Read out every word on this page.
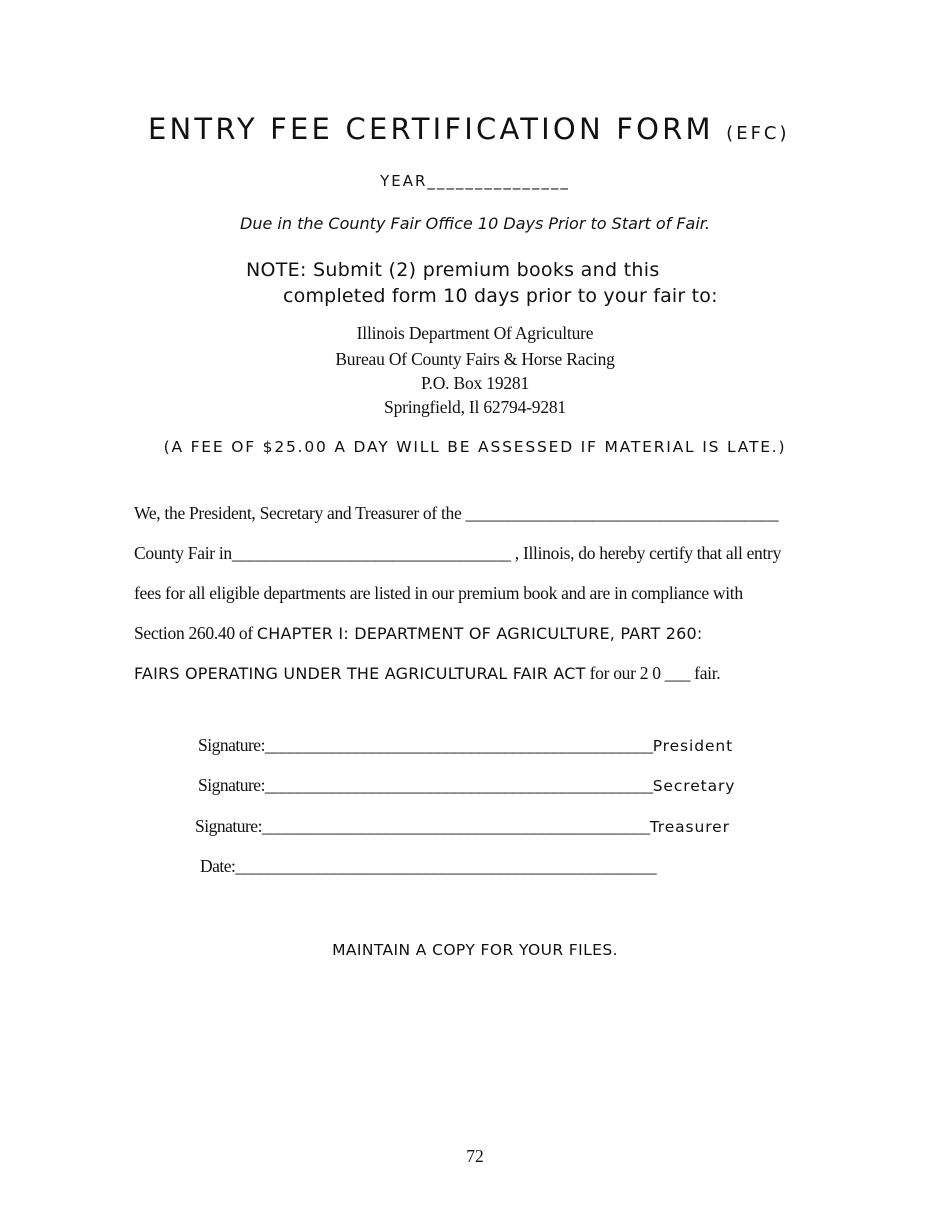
ENTRY FEE CERTIFICATION FORM (EFC)
YEAR_______________
Due in the County Fair Office 10 Days Prior to Start of Fair.
NOTE: Submit (2) premium books and this
completed form 10 days prior to your fair to:
Illinois Department Of Agriculture
Bureau Of County Fairs & Horse Racing
P.O. Box 19281
Springfield, Il 62794-9281
(A FEE OF $25.00 A DAY WILL BE ASSESSED IF MATERIAL IS LATE.)
We, the President, Secretary and Treasurer of the _____________________________________
County Fair in_________________________________ , Illinois, do hereby certify that all entry
fees for all eligible departments are listed in our premium book and are in compliance with
Section 260.40 of CHAPTER I: DEPARTMENT OF AGRICULTURE, PART 260:
FAIRS OPERATING UNDER THE AGRICULTURAL FAIR ACT for our 2 0 ___ fair.
Signature:_______________________________________________President
Signature:_______________________________________________Secretary
Signature:_______________________________________________Treasurer
Date:___________________________________________________
MAINTAIN A COPY FOR YOUR FILES.
72
